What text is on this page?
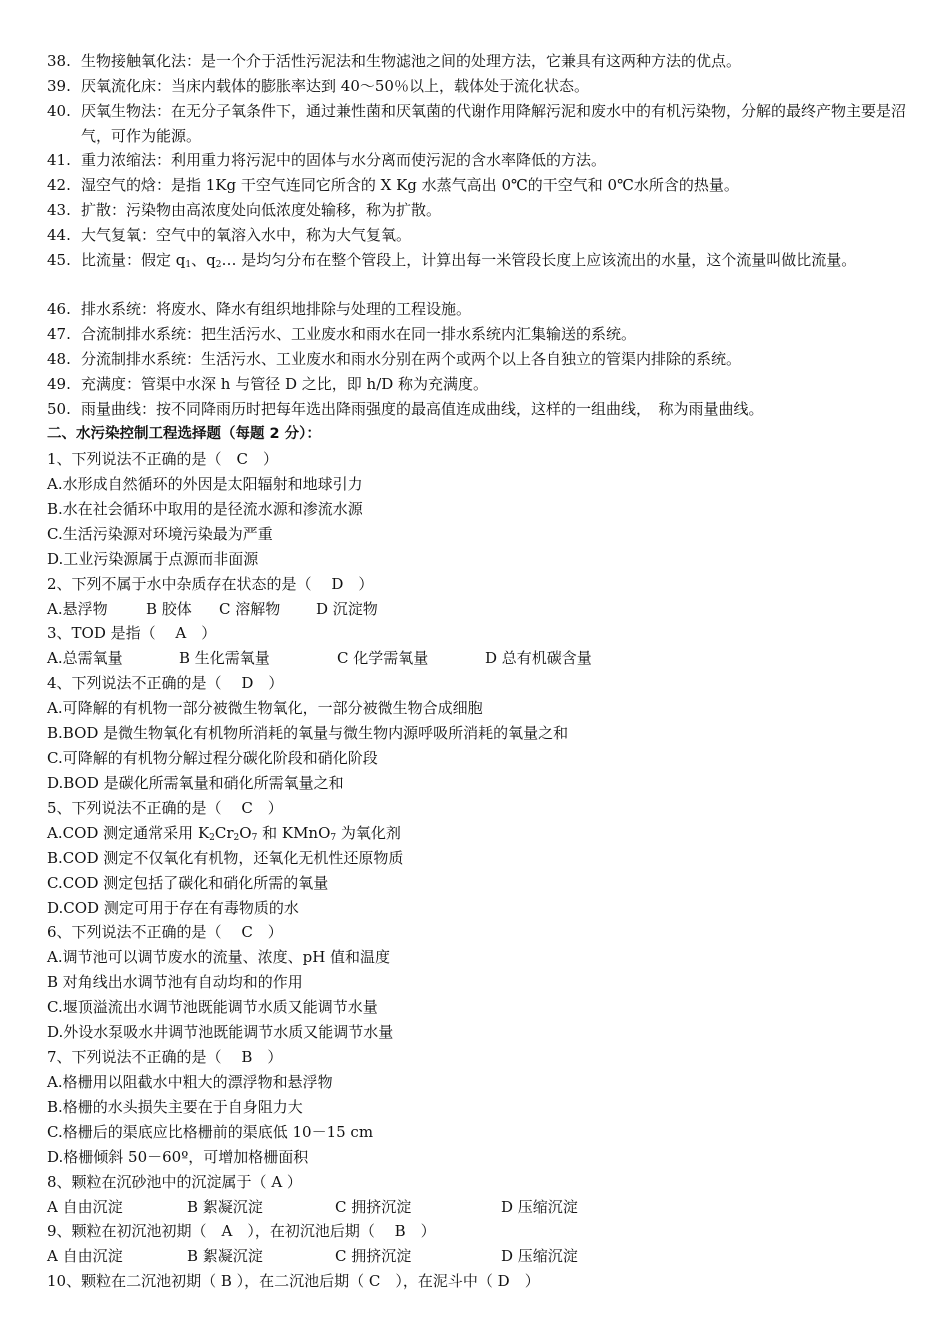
38. 生物接触氧化法：是一个介于活性污泥法和生物滤池之间的处理方法，它兼具有这两种方法的优点。
39. 厌氧流化床：当床内载体的膨胀率达到 40～50％以上，载体处于流化状态。
40. 厌氧生物法：在无分子氧条件下，通过兼性菌和厌氧菌的代谢作用降解污泥和废水中的有机污染物，分解的最终产物主要是沼气，可作为能源。
41. 重力浓缩法：利用重力将污泥中的固体与水分离而使污泥的含水率降低的方法。
42. 湿空气的焓：是指 1Kg 干空气连同它所含的 X Kg 水蒸气高出 0℃的干空气和 0℃水所含的热量。
43. 扩散：污染物由高浓度处向低浓度处输移，称为扩散。
44. 大气复氧：空气中的氧溶入水中，称为大气复氧。
45. 比流量：假定 $q_1$、$q_2\dots$ 是均匀分布在整个管段上，计算出每一米管段长度上应该流出的水量，这个流量叫做比流量。
46. 排水系统：将废水、降水有组织地排除与处理的工程设施。
47. 合流制排水系统：把生活污水、工业废水和雨水在同一排水系统内汇集输送的系统。
48. 分流制排水系统：生活污水、工业废水和雨水分别在两个或两个以上各自独立的管渠内排除的系统。
49. 充满度：管渠中水深 h 与管径 D 之比，即 h/D 称为充满度。
50. 雨量曲线：按不同降雨历时把每年选出降雨强度的最高值连成曲线，这样的一组曲线，　称为雨量曲线。
二、水污染控制工程选择题（每题 2 分）：
1、下列说法不正确的是（　C　）
A.水形成自然循环的外因是太阳辐射和地球引力
B.水在社会循环中取用的是径流水源和渗流水源
C.生活污染源对环境污染最为严重
D.工业污染源属于点源而非面源
2、下列不属于水中杂质存在状态的是（　 D　）
A.悬浮物	B 胶体 C 溶解物 D 沉淀物
3、TOD 是指（　 A　）
A.总需氧量	B 生化需氧量	C 化学需氧量	D 总有机碳含量
4、下列说法不正确的是（　 D　）
A.可降解的有机物一部分被微生物氧化，一部分被微生物合成细胞
B.BOD 是微生物氧化有机物所消耗的氧量与微生物内源呼吸所消耗的氧量之和
C.可降解的有机物分解过程分碳化阶段和硝化阶段
D.BOD 是碳化所需氧量和硝化所需氧量之和
5、下列说法不正确的是（　 C　）
A.COD 测定通常采用 $K_2Cr_2O_7$ 和 KMnO$_7$ 为氧化剂
B.COD 测定不仅氧化有机物，还氧化无机性还原物质
C.COD 测定包括了碳化和硝化所需的氧量
D.COD 测定可用于存在有毒物质的水
6、下列说法不正确的是（　 C　）
A.调节池可以调节废水的流量、浓度、pH 值和温度
B 对角线出水调节池有自动均和的作用
C.堰顶溢流出水调节池既能调节水质又能调节水量
D.外设水泵吸水井调节池既能调节水质又能调节水量
7、下列说法不正确的是（　 B　）
A.格栅用以阻截水中粗大的漂浮物和悬浮物
B.格栅的水头损失主要在于自身阻力大
C.格栅后的渠底应比格栅前的渠底低 10－15 cm
D.格栅倾斜 50－60º，可增加格栅面积
8、颗粒在沉砂池中的沉淀属于（ A ）
A 自由沉淀	B 絮凝沉淀	C 拥挤沉淀	D 压缩沉淀
9、颗粒在初沉池初期（　A　），在初沉池后期（　 B　）
A 自由沉淀	B 絮凝沉淀	C 拥挤沉淀	D 压缩沉淀
10、颗粒在二沉池初期（ B ），在二沉池后期（ C　），在泥斗中（ D　）
